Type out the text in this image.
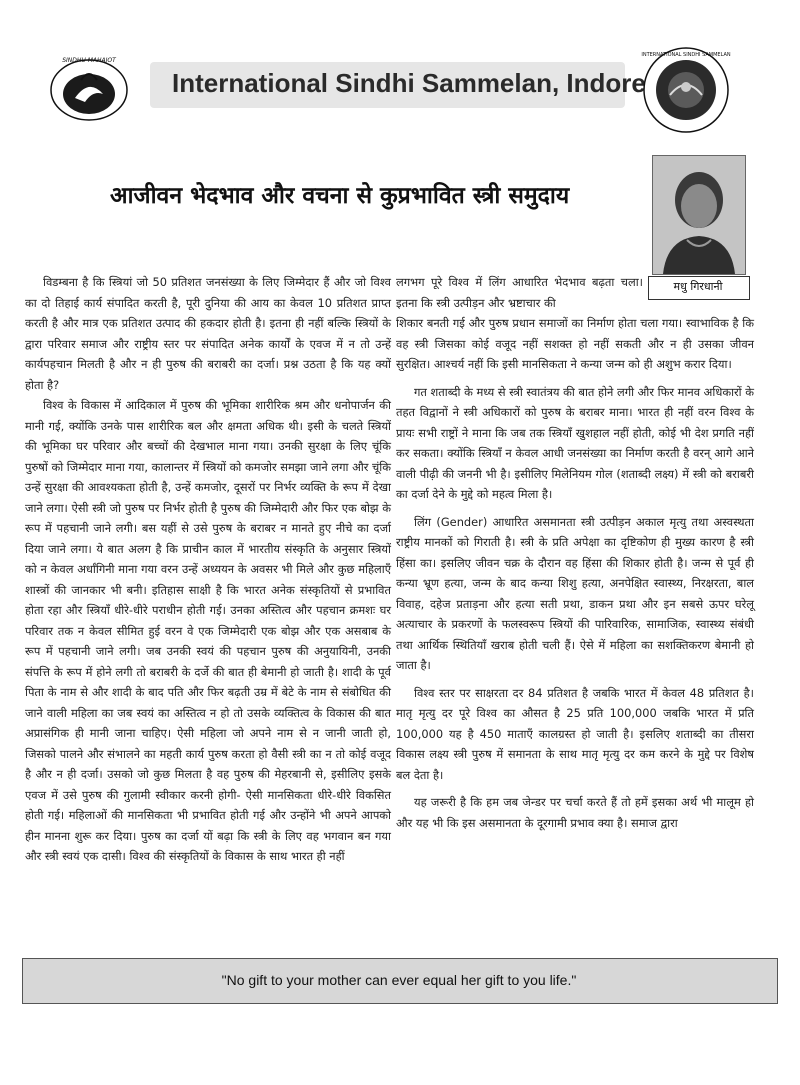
SINDHU MAHAJOT
International Sindhi Sammelan, Indore
INTERNATIONAL SINDHI SAMMELAN
आजीवन भेदभाव और वचना से कुप्रभावित स्त्री समुदाय
मधु गिरधानी

विडम्बना है कि स्त्रियां जो 50 प्रतिशत जनसंख्या के लिए जिम्मेदार हैं और जो विश्व का दो तिहाई कार्य संपादित करती है, पूरी दुनिया की आय का केवल 10 प्रतिशत प्राप्त करती है और मात्र एक प्रतिशत उत्पाद की हकदार होती है। इतना ही नहीं बल्कि स्त्रियों के द्वारा परिवार समाज और राष्ट्रीय स्तर पर संपादित अनेक कार्यों के एवज में न तो उन्हें कार्यपहचान मिलती है और न ही पुरुष की बराबरी का दर्जा। प्रश्न उठता है कि यह क्यों होता है?

विश्व के विकास में आदिकाल में पुरुष की भूमिका शारीरिक श्रम और धनोपार्जन की मानी गई, क्योंकि उनके पास शारीरिक बल और क्षमता अधिक थी। इसी के चलते स्त्रियों की भूमिका घर परिवार और बच्चों की देखभाल माना गया। उनकी सुरक्षा के लिए चूंकि पुरुषों को जिम्मेदार माना गया, कालान्तर में स्त्रियों को कमजोर समझा जाने लगा और चूंकि उन्हें सुरक्षा की आवश्यकता होती है, उन्हें कमजोर, दूसरों पर निर्भर व्यक्ति के रूप में देखा जाने लगा। ऐसी स्त्री जो पुरुष पर निर्भर होती है पुरुष की जिम्मेदारी और फिर एक बोझ के रूप में पहचानी जाने लगी। बस यहीं से उसे पुरुष के बराबर न मानते हुए नीचे का दर्जा दिया जाने लगा। ये बात अलग है कि प्राचीन काल में भारतीय संस्कृति के अनुसार स्त्रियों को न केवल अर्धांगिनी माना गया वरन उन्हें अध्ययन के अवसर भी मिले और कुछ महिलाएँ शास्त्रों की जानकार भी बनी। इतिहास साक्षी है कि भारत अनेक संस्कृतियों से प्रभावित होता रहा और स्त्रियाँ धीरे-धीरे पराधीन होती गई। उनका अस्तित्व और पहचान क्रमशः घर परिवार तक न केवल सीमित हुई वरन वे एक जिम्मेदारी एक बोझ और एक असबाब के रूप में पहचानी जाने लगी। जब उनकी स्वयं की पहचान पुरुष की अनुयायिनी, उनकी संपत्ति के रूप में होने लगी तो बराबरी के दर्जे की बात ही बेमानी हो जाती है। शादी के पूर्व पिता के नाम से और शादी के बाद पति और फिर बढ़ती उम्र में बेटे के नाम से संबोधित की जाने वाली महिला का जब स्वयं का अस्तित्व न हो तो उसके व्यक्तित्व के विकास की बात अप्रासंगिक ही मानी जाना चाहिए। ऐसी महिला जो अपने नाम से न जानी जाती हो, जिसको पालने और संभालने का महती कार्य पुरुष करता हो वैसी स्त्री का न तो कोई वजूद है और न ही दर्जा। उसको जो कुछ मिलता है वह पुरुष की मेहरबानी से, इसीलिए इसके एवज में उसे पुरुष की गुलामी स्वीकार करनी होगी- ऐसी मानसिकता धीरे-धीरे विकसित होती गई। महिलाओं की मानसिकता भी प्रभावित होती गई और उन्होंने भी अपने आपको हीन मानना शुरू कर दिया। पुरुष का दर्जा यों बढ़ा कि स्त्री के लिए वह भगवान बन गया और स्त्री स्वयं एक दासी। विश्व की संस्कृतियों के विकास के साथ भारत ही नहीं

लगभग पूरे विश्व में लिंग आधारित भेदभाव बढ़ता चला। इतना कि स्त्री उत्पीड़न और भ्रष्टाचार की

शिकार बनती गई और पुरुष प्रधान समाजों का निर्माण होता चला गया। स्वाभाविक है कि वह स्त्री जिसका कोई वजूद नहीं सशक्त हो नहीं सकती और न ही उसका जीवन सुरक्षित। आश्चर्य नहीं कि इसी मानसिकता ने कन्या जन्म को ही अशुभ करार दिया।

गत शताब्दी के मध्य से स्त्री स्वातंत्रय की बात होने लगी और फिर मानव अधिकारों के तहत विद्वानों ने स्त्री अधिकारों को पुरुष के बराबर माना। भारत ही नहीं वरन विश्व के प्रायः सभी राष्ट्रों ने माना कि जब तक स्त्रियाँ खुशहाल नहीं होती, कोई भी देश प्रगति नहीं कर सकता। क्योंकि स्त्रियाँ न केवल आधी जनसंख्या का निर्माण करती है वरन् आगे आने वाली पीढ़ी की जननी भी है। इसीलिए मिलेनियम गोल (शताब्दी लक्ष्य) में स्त्री को बराबरी का दर्जा देने के मुद्दे को महत्व मिला है।

लिंग (Gender) आधारित असमानता स्त्री उत्पीड़न अकाल मृत्यु तथा अस्वस्थता राष्ट्रीय मानकों को गिराती है। स्त्री के प्रति अपेक्षा का दृष्टिकोण ही मुख्य कारण है स्त्री हिंसा का। इसलिए जीवन चक्र के दौरान वह हिंसा की शिकार होती है। जन्म से पूर्व ही कन्या भ्रूण हत्या, जन्म के बाद कन्या शिशु हत्या, अनपेक्षित स्वास्थ्य, निरक्षरता, बाल विवाह, दहेज प्रताड़ना और हत्या सती प्रथा, डाकन प्रथा और इन सबसे ऊपर घरेलू अत्याचार के प्रकरणों के फलस्वरूप स्त्रियों की पारिवारिक, सामाजिक, स्वास्थ्य संबंधी तथा आर्थिक स्थितियाँ खराब होती चली हैं। ऐसे में महिला का सशक्तिकरण बेमानी हो जाता है।

विश्व स्तर पर साक्षरता दर 84 प्रतिशत है जबकि भारत में केवल 48 प्रतिशत है। मातृ मृत्यु दर पूरे विश्व का औसत है 25 प्रति 100,000 जबकि भारत में प्रति 100,000 यह है 450 माताएँ कालग्रस्त हो जाती है। इसलिए शताब्दी का तीसरा विकास लक्ष्य स्त्री पुरुष में समानता के साथ मातृ मृत्यु दर कम करने के मुद्दे पर विशेष बल देता है।

यह जरूरी है कि हम जब जेन्डर पर चर्चा करते हैं तो हमें इसका अर्थ भी मालूम हो और यह भी कि इस असमानता के दूरगामी प्रभाव क्या है। समाज द्वारा

"No gift to your mother can ever equal her gift to you life."
